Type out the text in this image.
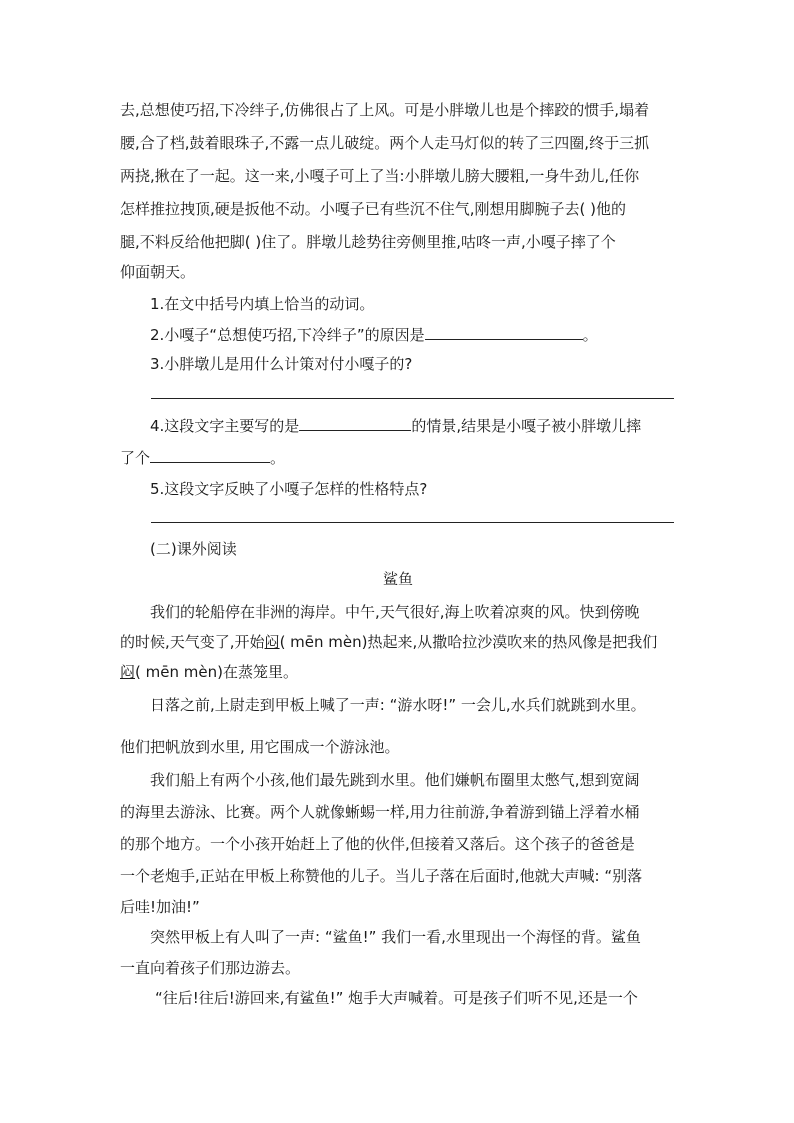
去,总想使巧招,下冷绊子,仿佛很占了上风。可是小胖墩儿也是个摔跤的惯手,塌着
腰,合了档,鼓着眼珠子,不露一点儿破绽。两个人走马灯似的转了三四圈,终于三抓
两挠,揪在了一起。这一来,小嘎子可上了当:小胖墩儿膀大腰粗,一身牛劲儿,任你
怎样推拉拽顶,硬是扳他不动。小嘎子已有些沉不住气,刚想用脚腕子去( )他的
腿,不料反给他把脚( )住了。胖墩儿趁势往旁侧里推,咕咚一声,小嘎子摔了个
仰面朝天。
1.在文中括号内填上恰当的动词。
2.小嘎子“总想使巧招,下冷绊子”的原因是	。
3.小胖墩儿是用什么计策对付小嘎子的?
4.这段文字主要写的是	的情景,结果是小嘎子被小胖墩儿摔
了个	。
5.这段文字反映了小嘎子怎样的性格特点?
(二)课外阅读
鲨鱼
我们的轮船停在非洲的海岸。中午,天气很好,海上吹着凉爽的风。快到傍晚
的时候,天气变了,开始闷( mēn mèn)热起来,从撒哈拉沙漠吹来的热风像是把我们
闷( mēn mèn)在蒸笼里。
日落之前,上尉走到甲板上喊了一声: “游水呀!” 一会儿,水兵们就跳到水里。
他们把帆放到水里, 用它围成一个游泳池。
我们船上有两个小孩,他们最先跳到水里。他们嫌帆布圈里太憋气,想到宽阔
的海里去游泳、比赛。两个人就像蜥蜴一样,用力往前游,争着游到锚上浮着水桶
的那个地方。一个小孩开始赶上了他的伙伴,但接着又落后。这个孩子的爸爸是
一个老炮手,正站在甲板上称赞他的儿子。当儿子落在后面时,他就大声喊: “别落
后哇!加油!”
突然甲板上有人叫了一声: “鲨鱼!” 我们一看,水里现出一个海怪的背。鲨鱼
一直向着孩子们那边游去。
“往后!往后!游回来,有鲨鱼!” 炮手大声喊着。可是孩子们听不见,还是一个
